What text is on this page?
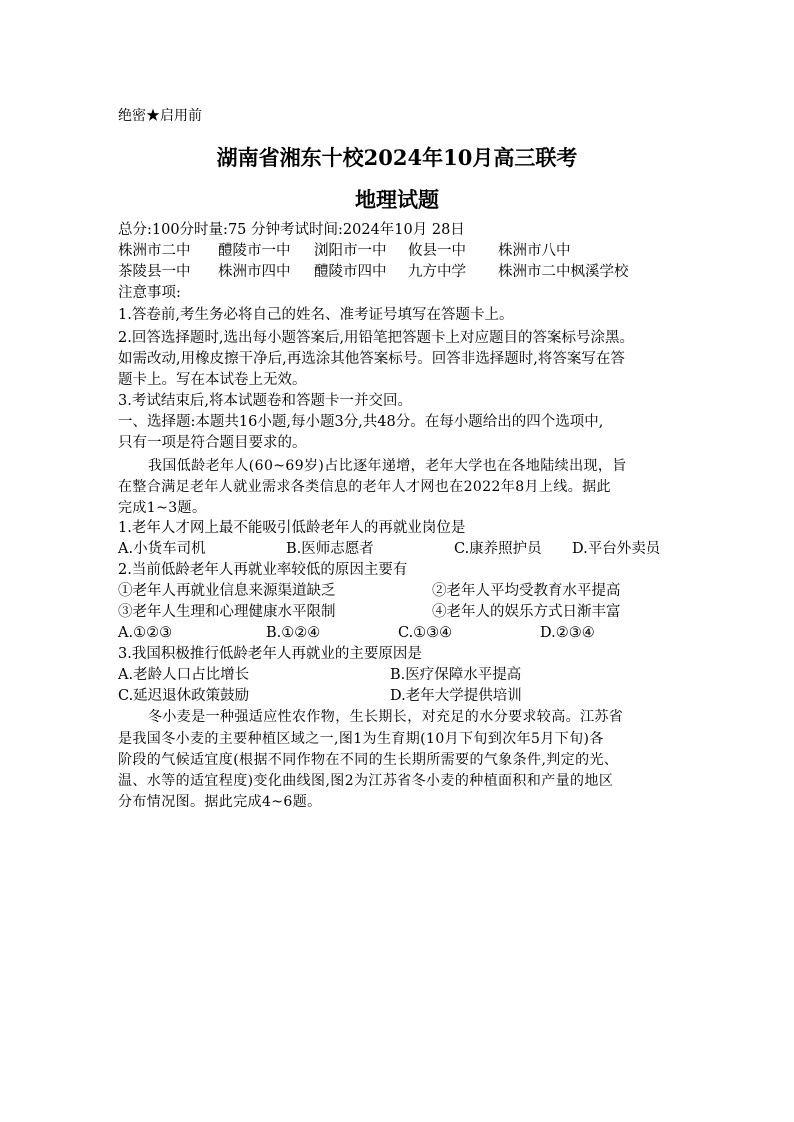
绝密★启用前
湖南省湘东十校2024年10月高三联考
地理试题
总分:100分时量:75 分钟考试时间:2024年10月 28日
株洲市二中 醴陵市一中 浏阳市一中 攸县一中 株洲市八中
茶陵县一中 株洲市四中 醴陵市四中 九方中学 株洲市二中枫溪学校
注意事项:
1.答卷前,考生务必将自己的姓名、准考证号填写在答题卡上。
2.回答选择题时,选出每小题答案后,用铅笔把答题卡上对应题目的答案标号涂黑。
如需改动,用橡皮擦干净后,再选涂其他答案标号。回答非选择题时,将答案写在答
题卡上。写在本试卷上无效。
3.考试结束后,将本试题卷和答题卡一并交回。
一、选择题:本题共16小题,每小题3分,共48分。在每小题给出的四个选项中,
只有一项是符合题目要求的。
我国低龄老年人(60~69岁)占比逐年递增，老年大学也在各地陆续出现，旨
在整合满足老年人就业需求各类信息的老年人才网也在2022年8月上线。据此
完成1~3题。
1.老年人才网上最不能吸引低龄老年人的再就业岗位是
A.小货车司机	B.医师志愿者	C.康养照护员 D.平台外卖员
2.当前低龄老年人再就业率较低的原因主要有
①老年人再就业信息来源渠道缺乏	②老年人平均受教育水平提高
③老年人生理和心理健康水平限制	④老年人的娱乐方式日渐丰富
A.①②③	B.①②④	C.①③④	D.②③④
3.我国积极推行低龄老年人再就业的主要原因是
A.老龄人口占比增长	B.医疗保障水平提高
C.延迟退休政策鼓励	D.老年大学提供培训
冬小麦是一种强适应性农作物，生长期长，对充足的水分要求较高。江苏省
是我国冬小麦的主要种植区域之一,图1为生育期(10月下旬到次年5月下旬)各
阶段的气候适宜度(根据不同作物在不同的生长期所需要的气象条件,判定的光、
温、水等的适宜程度)变化曲线图,图2为江苏省冬小麦的种植面积和产量的地区
分布情况图。据此完成4~6题。
